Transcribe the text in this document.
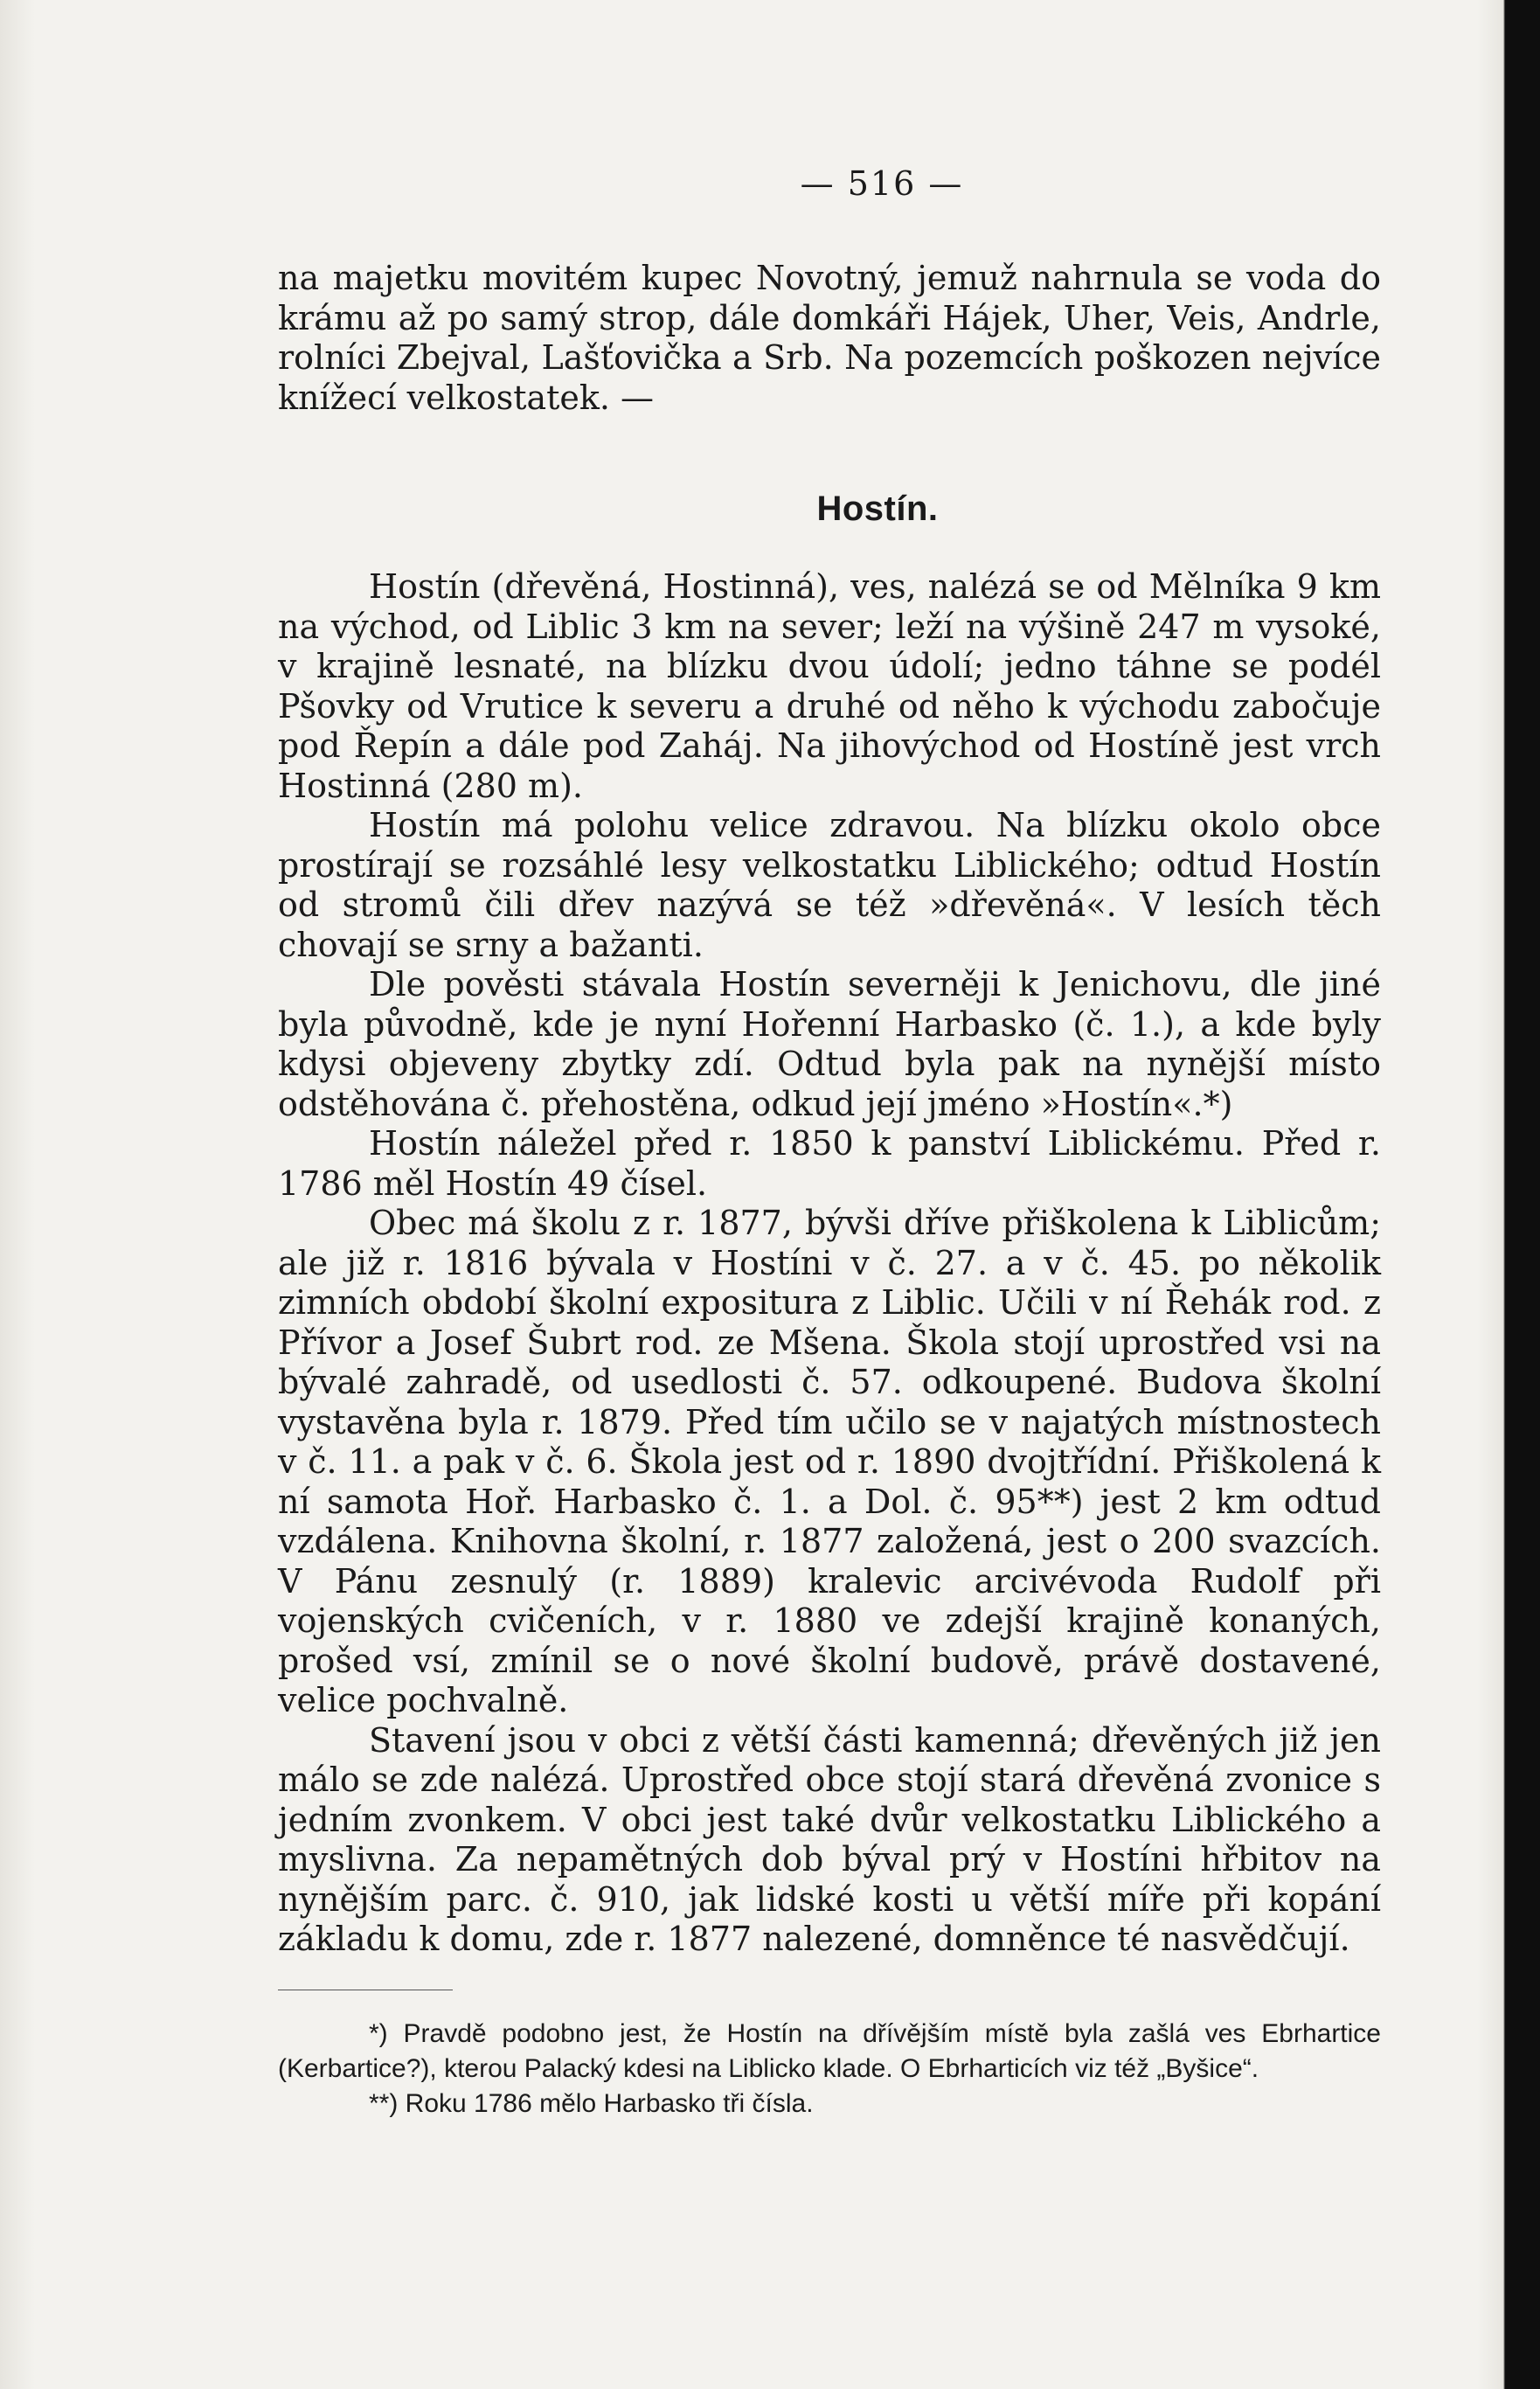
— 516 —

na majetku movitém kupec Novotný, jemuž nahrnula se voda do krámu až po samý strop, dále domkáři Hájek, Uher, Veis, Andrle, rolníci Zbejval, Lašťovička a Srb. Na pozemcích poškozen nejvíce knížecí velkostatek. —

Hostín.

Hostín (dřevěná, Hostinná), ves, nalézá se od Mělníka 9 km na východ, od Liblic 3 km na sever; leží na výšině 247 m vysoké, v krajině lesnaté, na blízku dvou údolí; jedno táhne se podél Pšovky od Vrutice k severu a druhé od něho k východu zabočuje pod Řepín a dále pod Zaháj. Na jihovýchod od Hostíně jest vrch Hostinná (280 m).

Hostín má polohu velice zdravou. Na blízku okolo obce prostírají se rozsáhlé lesy velkostatku Liblického; odtud Hostín od stromů čili dřev nazývá se též »dřevěná«. V lesích těch chovají se srny a bažanti.

Dle pověsti stávala Hostín severněji k Jenichovu, dle jiné byla původně, kde je nyní Hořenní Harbasko (č. 1.), a kde byly kdysi objeveny zbytky zdí. Odtud byla pak na nynější místo odstěhována č. přehostěna, odkud její jméno »Hostín«.*)

Hostín náležel před r. 1850 k panství Liblickému. Před r. 1786 měl Hostín 49 čísel.

Obec má školu z r. 1877, bývši dříve přiškolena k Liblicům; ale již r. 1816 bývala v Hostíni v č. 27. a v č. 45. po několik zimních období školní expositura z Liblic. Učili v ní Řehák rod. z Přívor a Josef Šubrt rod. ze Mšena. Škola stojí uprostřed vsi na bývalé zahradě, od usedlosti č. 57. odkoupené. Budova školní vystavěna byla r. 1879. Před tím učilo se v najatých místnostech v č. 11. a pak v č. 6. Škola jest od r. 1890 dvojtřídní. Přiškolená k ní samota Hoř. Harbasko č. 1. a Dol. č. 95**) jest 2 km odtud vzdálena. Knihovna školní, r. 1877 založená, jest o 200 svazcích. V Pánu zesnulý (r. 1889) kralevic arcivévoda Rudolf při vojenských cvičeních, v r. 1880 ve zdejší krajině konaných, prošed vsí, zmínil se o nové školní budově, právě dostavené, velice pochvalně.

Stavení jsou v obci z větší části kamenná; dřevěných již jen málo se zde nalézá. Uprostřed obce stojí stará dřevěná zvonice s jedním zvonkem. V obci jest také dvůr velkostatku Liblického a myslivna. Za nepamětných dob býval prý v Hostíni hřbitov na nynějším parc. č. 910, jak lidské kosti u větší míře při kopání základu k domu, zde r. 1877 nalezené, domněnce té nasvědčují.

*) Pravdě podobno jest, že Hostín na dřívějším místě byla zašlá ves Ebrhartice (Kerbartice?), kterou Palacký kdesi na Liblicko klade. O Ebrharticích viz též „Byšice“.

**) Roku 1786 mělo Harbasko tři čísla.
